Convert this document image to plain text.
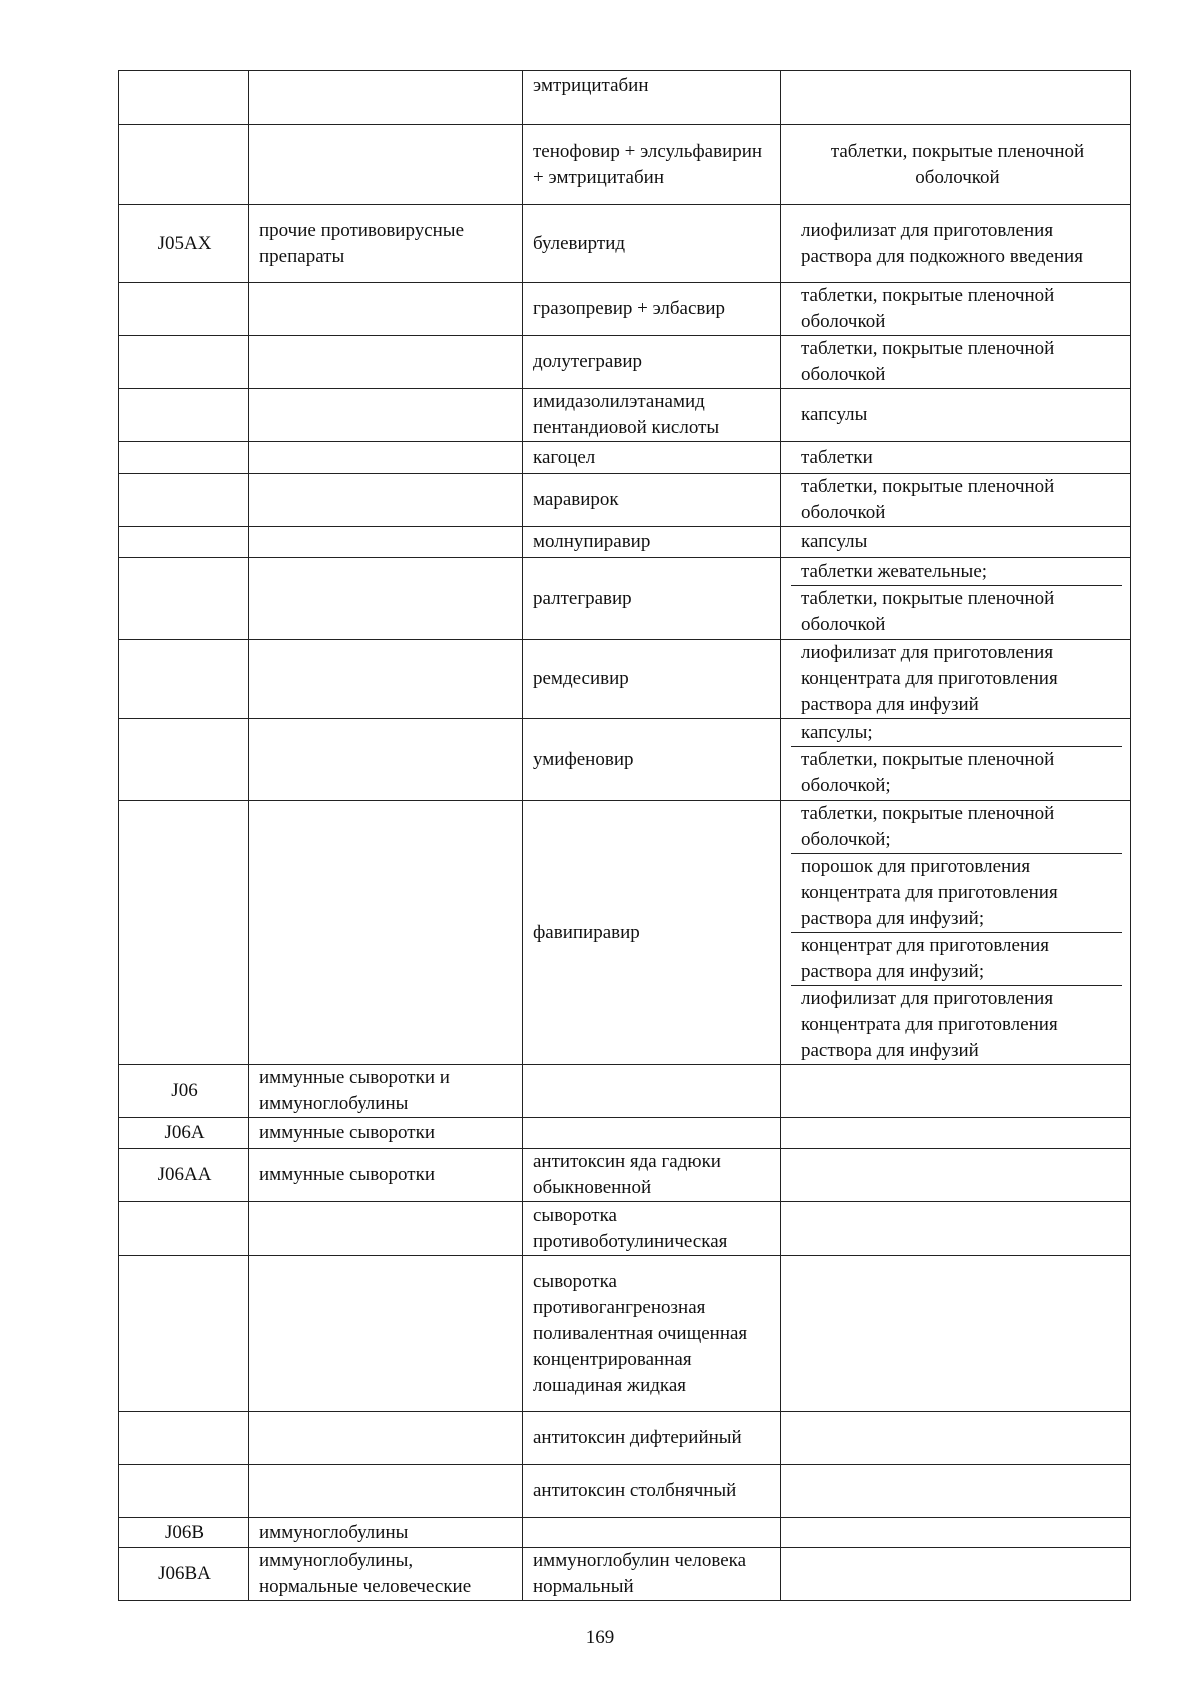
		эмтрицитабин	
		тенофовир + элсульфавирин + эмтрицитабин	таблетки, покрытые пленочной оболочкой

J05AX	прочие противовирусные препараты	булевиртид	лиофилизат для приготовления раствора для подкожного введения

		гразопревир + элбасвир	таблетки, покрытые пленочной оболочкой

		долутегравир	таблетки, покрытые пленочной оболочкой

		имидазолилэтанамид пентандиовой кислоты	капсулы

		кагоцел	таблетки

		маравирок	таблетки, покрытые пленочной оболочкой

		молнупиравир	капсулы

		ралтегравир	таблетки жевательные;
таблетки, покрытые пленочной оболочкой

		ремдесивир	лиофилизат для приготовления концентрата для приготовления раствора для инфузий

		умифеновир	капсулы;
таблетки, покрытые пленочной оболочкой;

		фавипиравир	таблетки, покрытые пленочной оболочкой;
порошок для приготовления концентрата для приготовления раствора для инфузий;
концентрат для приготовления раствора для инфузий;
лиофилизат для приготовления концентрата для приготовления раствора для инфузий

J06	иммунные сыворотки и иммуноглобулины		
J06A	иммунные сыворотки		
J06AA	иммунные сыворотки	антитоксин яда гадюки обыкновенной	
		сыворотка противоботулиническая	
		сыворотка противогангренозная поливалентная очищенная концентрированная лошадиная жидкая	
		антитоксин дифтерийный	
		антитоксин столбнячный	
J06B	иммуноглобулины		
J06BA	иммуноглобулины, нормальные человеческие	иммуноглобулин человека нормальный	
169
